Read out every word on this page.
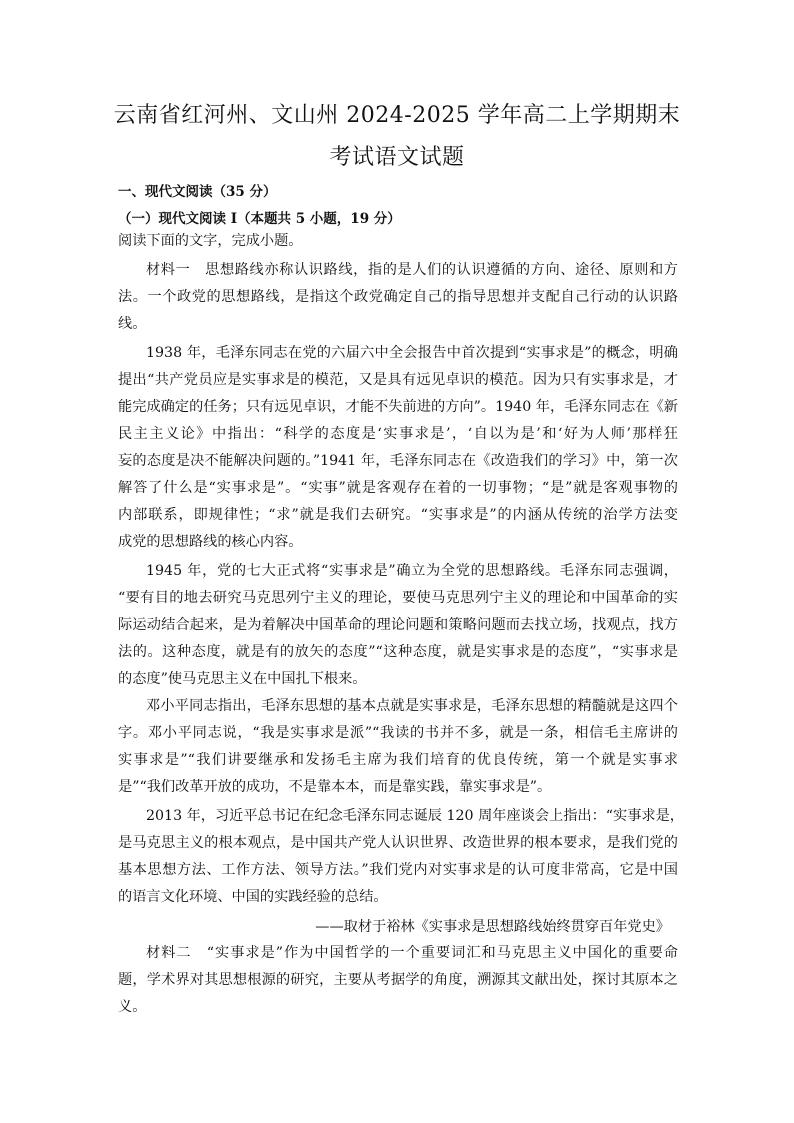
云南省红河州、文山州 2024-2025 学年高二上学期期末
考试语文试题
一、现代文阅读（35 分）
（一）现代文阅读 I（本题共 5 小题，19 分）
阅读下面的文字，完成小题。
材料一　思想路线亦称认识路线，指的是人们的认识遵循的方向、途径、原则和方
法。一个政党的思想路线，是指这个政党确定自己的指导思想并支配自己行动的认识路
线。
1938 年，毛泽东同志在党的六届六中全会报告中首次提到“实事求是”的概念，明确
提出“共产党员应是实事求是的模范，又是具有远见卓识的模范。因为只有实事求是，才
能完成确定的任务；只有远见卓识，才能不失前进的方向”。1940 年，毛泽东同志在《新
民主主义论》中指出：“科学的态度是‘实事求是’，‘自以为是’和‘好为人师’那样狂
妄的态度是决不能解决问题的。”1941 年，毛泽东同志在《改造我们的学习》中，第一次
解答了什么是“实事求是”。“实事”就是客观存在着的一切事物；“是”就是客观事物的
内部联系，即规律性；“求”就是我们去研究。“实事求是”的内涵从传统的治学方法变
成党的思想路线的核心内容。
1945 年，党的七大正式将“实事求是”确立为全党的思想路线。毛泽东同志强调，
“要有目的地去研究马克思列宁主义的理论，要使马克思列宁主义的理论和中国革命的实
际运动结合起来，是为着解决中国革命的理论问题和策略问题而去找立场，找观点，找方
法的。这种态度，就是有的放矢的态度”“这种态度，就是实事求是的态度”，“实事求是
的态度”使马克思主义在中国扎下根来。
邓小平同志指出，毛泽东思想的基本点就是实事求是，毛泽东思想的精髓就是这四个
字。邓小平同志说，“我是实事求是派”“我读的书并不多，就是一条，相信毛主席讲的
实事求是”“我们讲要继承和发扬毛主席为我们培育的优良传统，第一个就是实事求
是”“我们改革开放的成功，不是靠本本，而是靠实践，靠实事求是”。
2013 年，习近平总书记在纪念毛泽东同志诞辰 120 周年座谈会上指出：“实事求是，
是马克思主义的根本观点，是中国共产党人认识世界、改造世界的根本要求，是我们党的
基本思想方法、工作方法、领导方法。”我们党内对实事求是的认可度非常高，它是中国
的语言文化环境、中国的实践经验的总结。
——取材于裕林《实事求是思想路线始终贯穿百年党史》
材料二　“实事求是”作为中国哲学的一个重要词汇和马克思主义中国化的重要命
题，学术界对其思想根源的研究，主要从考据学的角度，溯源其文献出处，探讨其原本之
义。
